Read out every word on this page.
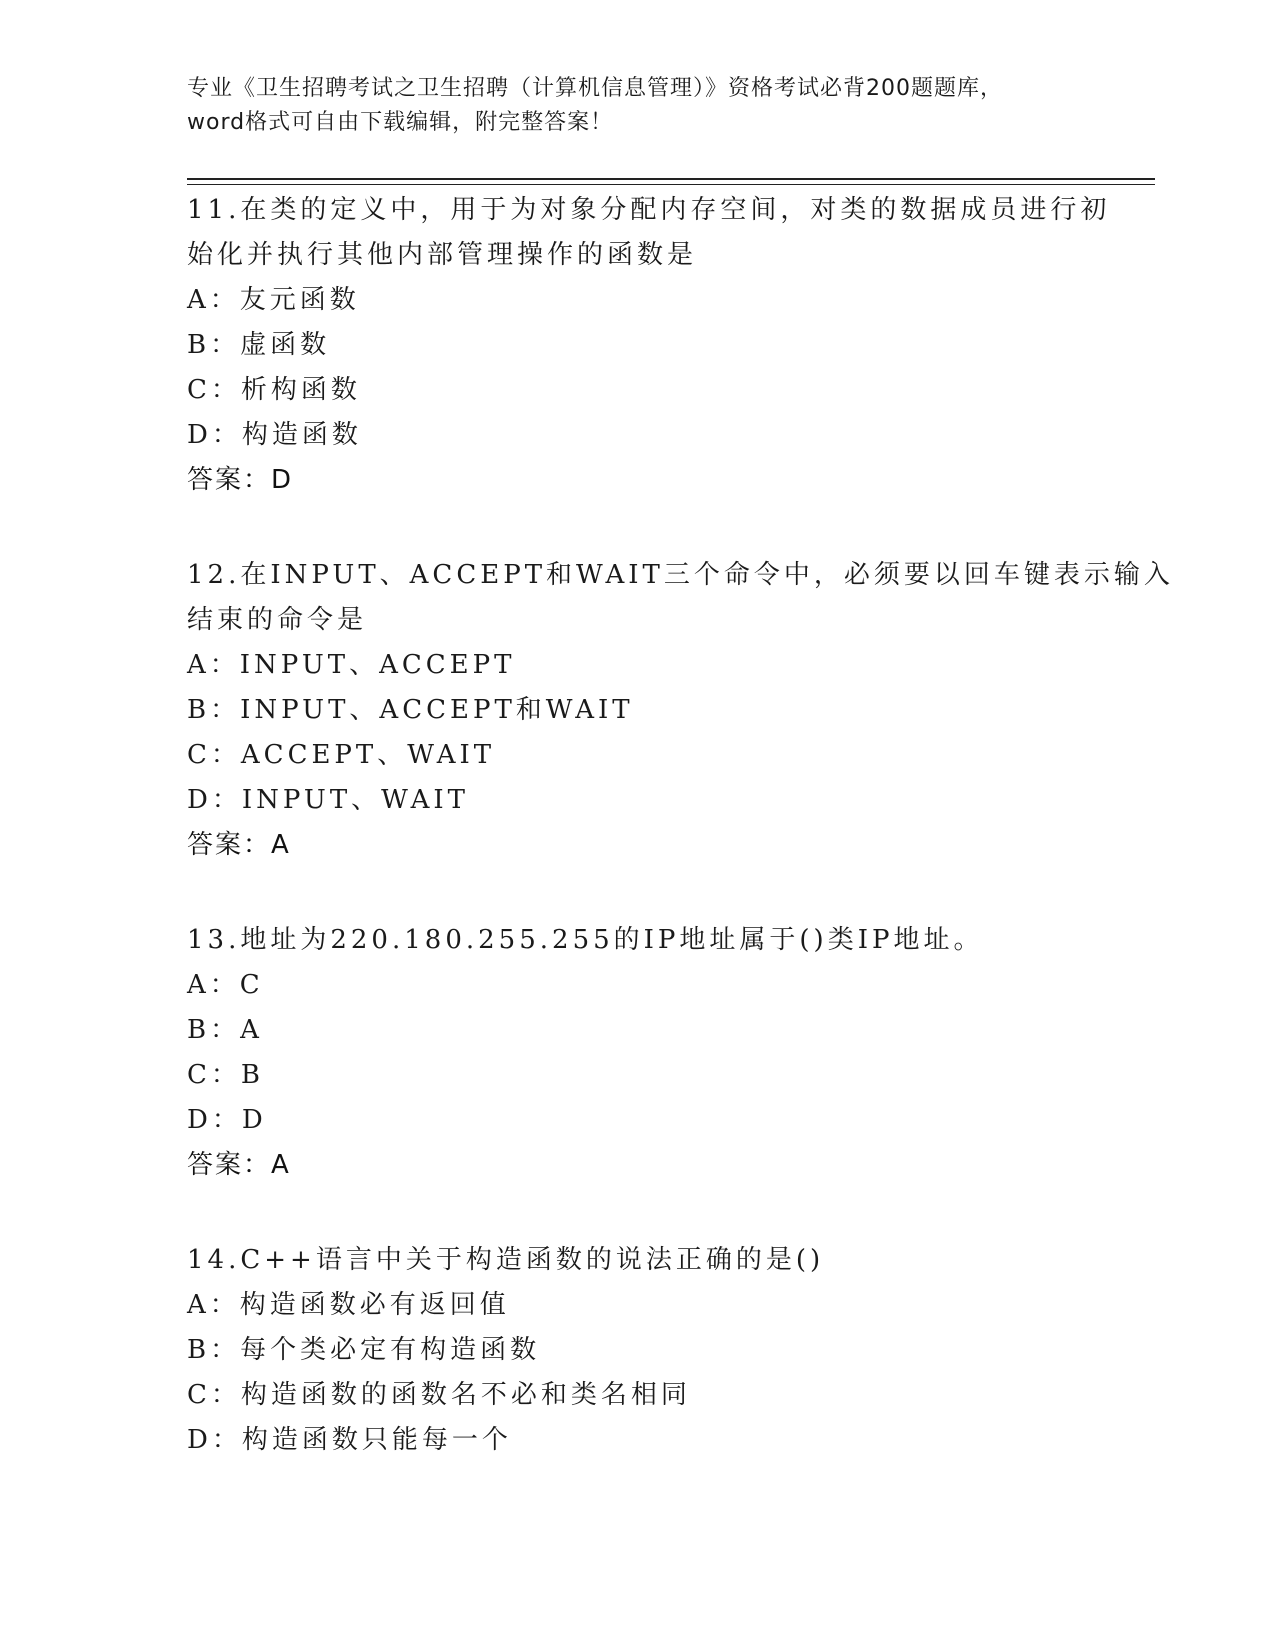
专业《卫生招聘考试之卫生招聘（计算机信息管理）》资格考试必背200题题库，
word格式可自由下载编辑，附完整答案！
11.在类的定义中，用于为对象分配内存空间，对类的数据成员进行初
始化并执行其他内部管理操作的函数是
A：友元函数
B：虚函数
C：析构函数
D：构造函数
答案：D
12.在INPUT、ACCEPT和WAIT三个命令中，必须要以回车键表示输入
结束的命令是
A：INPUT、ACCEPT
B：INPUT、ACCEPT和WAIT
C：ACCEPT、WAIT
D：INPUT、WAIT
答案：A
13.地址为220.180.255.255的IP地址属于()类IP地址。
A：C
B：A
C：B
D：D
答案：A
14.C++语言中关于构造函数的说法正确的是()
A：构造函数必有返回值
B：每个类必定有构造函数
C：构造函数的函数名不必和类名相同
D：构造函数只能每一个
